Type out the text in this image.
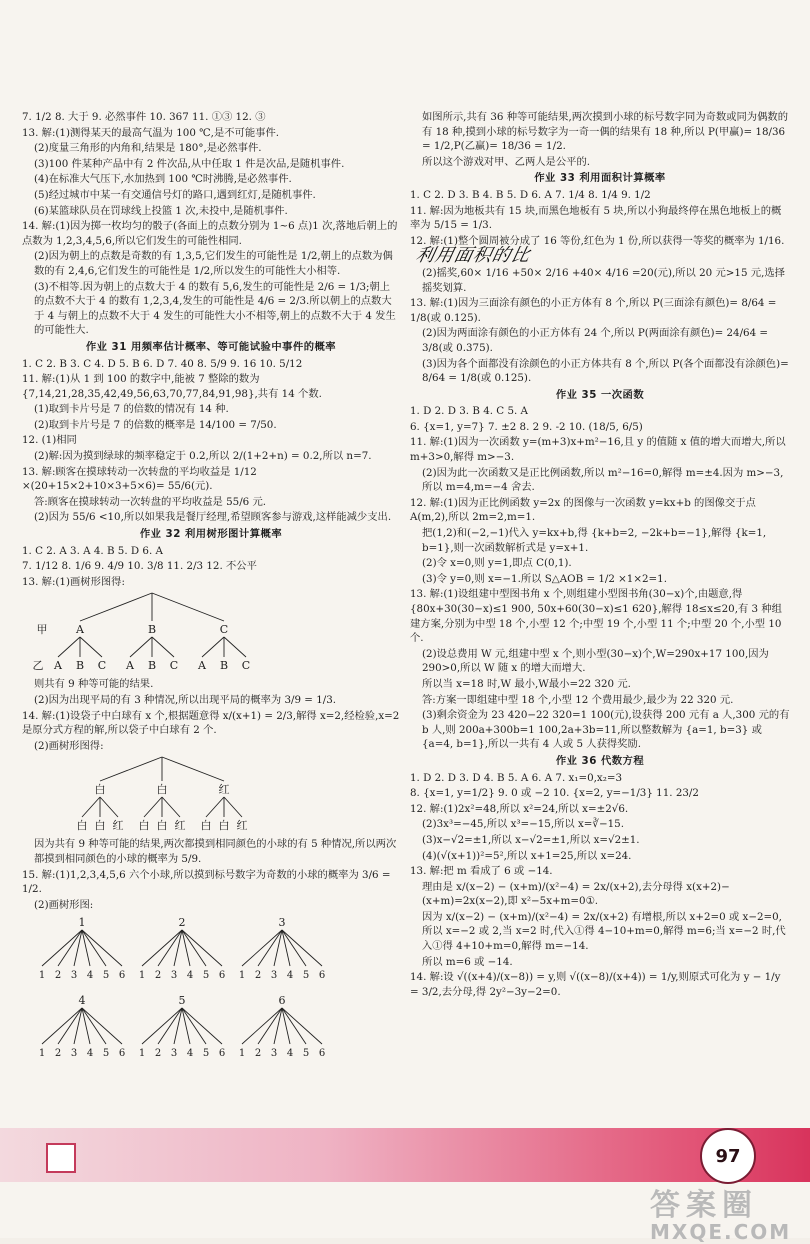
7. 1/2 8. 大于 9. 必然事件 10. 367 11. ①③ 12. ③
13. 解:(1)测得某天的最高气温为 100 ℃,是不可能事件.
(2)度量三角形的内角和,结果是 180°,是必然事件.
(3)100 件某种产品中有 2 件次品,从中任取 1 件是次品,是随机事件.
(4)在标准大气压下,水加热到 100 ℃时沸腾,是必然事件.
(5)经过城市中某一有交通信号灯的路口,遇到红灯,是随机事件.
(6)某篮球队员在罚球线上投篮 1 次,未投中,是随机事件.
14. 解:(1)因为掷一枚均匀的骰子(各面上的点数分别为 1~6 点)1 次,落地后朝上的点数为 1,2,3,4,5,6,所以它们发生的可能性相同.
(2)因为朝上的点数是奇数的有 1,3,5,它们发生的可能性是 1/2,朝上的点数为偶数的有 2,4,6,它们发生的可能性是 1/2,所以发生的可能性大小相等.
(3)不相等.因为朝上的点数大于 4 的数有 5,6,发生的可能性是 2/6 = 1/3;朝上的点数不大于 4 的数有 1,2,3,4,发生的可能性是 4/6 = 2/3.所以朝上的点数大于 4 与朝上的点数不大于 4 发生的可能性大小不相等,朝上的点数不大于 4 发生的可能性大.
作业 31 用频率估计概率、等可能试验中事件的概率
1. C 2. B 3. C 4. D 5. B 6. D 7. 40 8. 5/9 9. 16 10. 5/12
11. 解:(1)从 1 到 100 的数字中,能被 7 整除的数为{7,14,21,28,35,42,49,56,63,70,77,84,91,98},共有 14 个数.
(1)取到卡片号是 7 的倍数的情况有 14 种.
(2)取到卡片号是 7 的倍数的概率是 14/100 = 7/50.
12. (1)相同
(2)解:因为摸到绿球的频率稳定于 0.2,所以 2/(1+2+n) = 0.2,所以 n=7.
13. 解:顾客在摸球转动一次转盘的平均收益是 1/12 ×(20+15×2+10×3+5×6)= 55/6(元).
答:顾客在摸球转动一次转盘的平均收益是 55/6 元.
(2)因为 55/6 <10,所以如果我是餐厅经理,希望顾客参与游戏,这样能减少支出.
作业 32 利用树形图计算概率
1. C 2. A 3. A 4. B 5. D 6. A
7. 1/12 8. 1/6 9. 4/9 10. 3/8 11. 2/3 12. 不公平
13. 解:(1)画树形图得:
甲	A	B	C
乙 A B C A B C A B C
则共有 9 种等可能的结果.
(2)因为出现平局的有 3 种情况,所以出现平局的概率为 3/9 = 1/3.
14. 解:(1)设袋子中白球有 x 个,根据题意得 x/(x+1) = 2/3,解得 x=2,经检验,x=2 是原分式方程的解,所以袋子中白球有 2 个.
(2)画树形图得:
白	白	红
白 白 红 白 白 红 白 白 红
因为共有 9 种等可能的结果,两次都摸到相同颜色的小球的有 5 种情况,所以两次都摸到相同颜色的小球的概率为 5/9.
15. 解:(1)1,2,3,4,5,6 六个小球,所以摸到标号数字为奇数的小球的概率为 3/6 = 1/2.
(2)画树形图:
1
1 2 3 4 5 6
2
1 2 3 4 5 6
3
1 2 3 4 5 6
4
1 2 3 4 5 6
5
1 2 3 4 5 6
6
1 2 3 4 5 6
如图所示,共有 36 种等可能结果,两次摸到小球的标号数字同为奇数或同为偶数的有 18 种,摸到小球的标号数字为一奇一偶的结果有 18 种,所以 P(甲赢)= 18/36 = 1/2,P(乙赢)= 18/36 = 1/2.
所以这个游戏对甲、乙两人是公平的.
作业 33 利用面积计算概率
1. C 2. D 3. B 4. B 5. D 6. A 7. 1/4 8. 1/4 9. 1/2
11. 解:因为地板共有 15 块,而黑色地板有 5 块,所以小狗最终停在黑色地板上的概率为 5/15 = 1/3.
12. 解:(1)整个圆周被分成了 16 等份,红色为 1 份,所以获得一等奖的概率为 1/16.
利用面积的比
(2)摇奖,60× 1/16 +50× 2/16 +40× 4/16 =20(元),所以 20 元>15 元,选择摇奖划算.
13. 解:(1)因为三面涂有颜色的小正方体有 8 个,所以 P(三面涂有颜色)= 8/64 = 1/8(或 0.125).
(2)因为两面涂有颜色的小正方体有 24 个,所以 P(两面涂有颜色)= 24/64 = 3/8(或 0.375).
(3)因为各个面都没有涂颜色的小正方体共有 8 个,所以 P(各个面都没有涂颜色)= 8/64 = 1/8(或 0.125).
作业 35 一次函数
1. D 2. D 3. B 4. C 5. A
6. {x=1, y=7} 7. ±2 8. 2 9. -2 10. (18/5, 6/5)
11. 解:(1)因为一次函数 y=(m+3)x+m²−16,且 y 的值随 x 值的增大而增大,所以 m+3>0,解得 m>−3.
(2)因为此一次函数又是正比例函数,所以 m²−16=0,解得 m=±4.因为 m>−3,所以 m=4,m=−4 舍去.
12. 解:(1)因为正比例函数 y=2x 的图像与一次函数 y=kx+b 的图像交于点 A(m,2),所以 2m=2,m=1.
把(1,2)和(−2,−1)代入 y=kx+b,得 {k+b=2, −2k+b=−1},解得 {k=1, b=1},则一次函数解析式是 y=x+1.
(2)令 x=0,则 y=1,即点 C(0,1).
(3)令 y=0,则 x=−1.所以 S△AOB = 1/2 ×1×2=1.
13. 解:(1)设组建中型图书角 x 个,则组建小型图书角(30−x)个,由题意,得 {80x+30(30−x)≤1 900, 50x+60(30−x)≤1 620},解得 18≤x≤20,有 3 种组建方案,分别为中型 18 个,小型 12 个;中型 19 个,小型 11 个;中型 20 个,小型 10 个.
(2)设总费用 W 元,组建中型 x 个,则小型(30−x)个,W=290x+17 100,因为 290>0,所以 W 随 x 的增大而增大.
所以当 x=18 时,W 最小,W最小=22 320 元.
答:方案一即组建中型 18 个,小型 12 个费用最少,最少为 22 320 元.
(3)剩余资金为 23 420−22 320=1 100(元),设获得 200 元有 a 人,300 元的有 b 人,则 200a+300b=1 100,2a+3b=11,所以整数解为 {a=1, b=3} 或 {a=4, b=1},所以一共有 4 人或 5 人获得奖励.
作业 36 代数方程
1. D 2. D 3. D 4. B 5. A 6. A 7. x₁=0,x₂=3
8. {x=1, y=1/2} 9. 0 或 −2 10. {x=2, y=−1/3} 11. 23/2
12. 解:(1)2x²=48,所以 x²=24,所以 x=±2√6.
(2)3x³=−45,所以 x³=−15,所以 x=∛−15.
(3)x−√2=±1,所以 x−√2=±1,所以 x=√2±1.
(4)(√(x+1))²=5²,所以 x+1=25,所以 x=24.
13. 解:把 m 看成了 6 或 −14.
理由是 x/(x−2) − (x+m)/(x²−4) = 2x/(x+2),去分母得 x(x+2)−(x+m)=2x(x−2),即 x²−5x+m=0①.
因为 x/(x−2) − (x+m)/(x²−4) = 2x/(x+2) 有增根,所以 x+2=0 或 x−2=0,所以 x=−2 或 2,当 x=2 时,代入①得 4−10+m=0,解得 m=6;当 x=−2 时,代入①得 4+10+m=0,解得 m=−14.
所以 m=6 或 −14.
14. 解:设 √((x+4)/(x−8)) = y,则 √((x−8)/(x+4)) = 1/y,则原式可化为 y − 1/y = 3/2,去分母,得 2y²−3y−2=0.
97
答案圈
MXQE.COM
